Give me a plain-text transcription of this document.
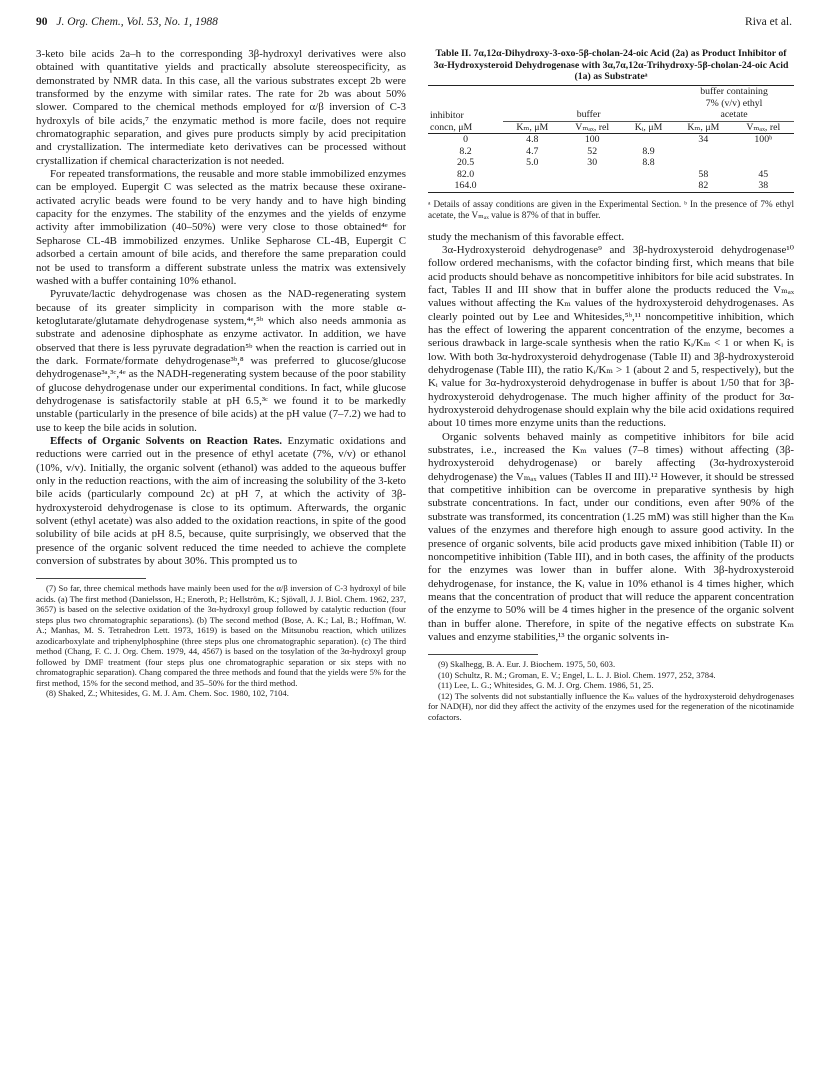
90 J. Org. Chem., Vol. 53, No. 1, 1988	Riva et al.

3-keto bile acids 2a–h to the corresponding 3β-hydroxyl derivatives were also obtained with quantitative yields and practically absolute stereospecificity, as demonstrated by NMR data. In this case, all the various substrates except 2b were transformed by the enzyme with similar rates. The rate for 2b was about 50% slower. Compared to the chemical methods employed for α/β inversion of C-3 hydroxyls of bile acids,⁷ the enzymatic method is more facile, does not require chromatographic separation, and gives pure products simply by acid precipitation and crystallization. The intermediate keto derivatives can be processed without crystallization if chemical characterization is not needed.

For repeated transformations, the reusable and more stable immobilized enzymes can be employed. Eupergit C was selected as the matrix because these oxirane-activated acrylic beads were found to be very handy and to have high binding capacity for the enzymes. The stability of the enzymes and the yields of enzyme activity after immobilization (40–50%) were very close to those obtained⁴ᵉ for Sepharose CL-4B immobilized enzymes. Unlike Sepharose CL-4B, Eupergit C adsorbed a certain amount of bile acids, and therefore the same preparation could not be used to transform a different substrate unless the matrix was extensively washed with a buffer containing 10% ethanol.

Pyruvate/lactic dehydrogenase was chosen as the NAD-regenerating system because of its greater simplicity in comparison with the more stable α-ketoglutarate/glutamate dehydrogenase system,⁴ᵉ,⁵ᵇ which also needs ammonia as substrate and adenosine diphosphate as enzyme activator. In addition, we have observed that there is less pyruvate degradation⁵ᵇ when the reaction is carried out in the dark. Formate/formate dehydrogenase³ᵇ,⁸ was preferred to glucose/glucose dehydrogenase³ᵃ,³ᶜ,⁴ᵉ as the NADH-regenerating system because of the poor stability of glucose dehydrogenase under our experimental conditions. In fact, while glucose dehydrogenase is satisfactorily stable at pH 6.5,³ᶜ we found it to be markedly unstable (particularly in the presence of bile acids) at the pH value (7–7.2) we had to use to keep the bile acids in solution.

Effects of Organic Solvents on Reaction Rates. Enzymatic oxidations and reductions were carried out in the presence of ethyl acetate (7%, v/v) or ethanol (10%, v/v). Initially, the organic solvent (ethanol) was added to the aqueous buffer only in the reduction reactions, with the aim of increasing the solubility of the 3-keto bile acids (particularly compound 2c) at pH 7, at which the activity of 3β-hydroxysteroid dehydrogenase is close to its optimum. Afterwards, the organic solvent (ethyl acetate) was also added to the oxidation reactions, in spite of the good solubility of bile acids at pH 8.5, because, quite surprisingly, we observed that the presence of the organic solvent reduced the time needed to achieve the complete conversion of substrates by about 30%. This prompted us to

(7) So far, three chemical methods have mainly been used for the α/β inversion of C-3 hydroxyl of bile acids. (a) The first method (Danielsson, H.; Eneroth, P.; Hellström, K.; Sjövall, J. J. Biol. Chem. 1962, 237, 3657) is based on the selective oxidation of the 3α-hydroxyl group followed by catalytic reduction (four steps plus two chromatographic separations). (b) The second method (Bose, A. K.; Lal, B.; Hoffman, W. A.; Manhas, M. S. Tetrahedron Lett. 1973, 1619) is based on the Mitsunobu reaction, which utilizes azodicarboxylate and triphenylphosphine (three steps plus one chromatographic separation). (c) The third method (Chang, F. C. J. Org. Chem. 1979, 44, 4567) is based on the tosylation of the 3α-hydroxyl group followed by DMF treatment (four steps plus one chromatographic separation or six steps with no chromatographic separation). Chang compared the three methods and found that the yields were 5% for the first method, 15% for the second method, and 35–50% for the third method.

(8) Shaked, Z.; Whitesides, G. M. J. Am. Chem. Soc. 1980, 102, 7104.

Table II. 7α,12α-Dihydroxy-3-oxo-5β-cholan-24-oic Acid (2a) as Product Inhibitor of 3α-Hydroxysteroid Dehydrogenase with 3α,7α,12α-Trihydroxy-5β-cholan-24-oic Acid (1a) as Substrateᵃ
				buffer containing	
				7% (v/v) ethyl	
inhibitor	buffer			acetate	
concn, μM	Kₘ, μM	Vₘₐₓ, rel	Kᵢ, μM	Kₘ, μM	Vₘₐₓ, rel
0	4.8	100		34	100ᵇ
8.2	4.7	52	8.9		
20.5	5.0	30	8.8		
82.0				58	45
164.0				82	38
ᵃ Details of assay conditions are given in the Experimental Section. ᵇ In the presence of 7% ethyl acetate, the Vₘₐₓ value is 87% of that in buffer.

study the mechanism of this favorable effect.

3α-Hydroxysteroid dehydrogenase⁹ and 3β-hydroxysteroid dehydrogenase¹⁰ follow ordered mechanisms, with the cofactor binding first, which means that bile acid products should behave as noncompetitive inhibitors for bile acid substrates. In fact, Tables II and III show that in buffer alone the products reduced the Vₘₐₓ values without affecting the Kₘ values of the hydroxysteroid dehydrogenases. As clearly pointed out by Lee and Whitesides,⁵ᵇ,¹¹ noncompetitive inhibition, which has the effect of lowering the apparent concentration of the enzyme, becomes a serious drawback in large-scale synthesis when the ratio Kᵢ/Kₘ < 1 or when Kᵢ is low. With both 3α-hydroxysteroid dehydrogenase (Table II) and 3β-hydroxysteroid dehydrogenase (Table III), the ratio Kᵢ/Kₘ > 1 (about 2 and 5, respectively), but the Kᵢ value for 3α-hydroxysteroid dehydrogenase in buffer is about 1/50 that for 3β-hydroxysteroid dehydrogenase. The much higher affinity of the product for 3α-hydroxysteroid dehydrogenase should explain why the bile acid oxidations required about 10 times more enzyme units than the reductions.

Organic solvents behaved mainly as competitive inhibitors for bile acid substrates, i.e., increased the Kₘ values (7–8 times) without affecting (3β-hydroxysteroid dehydrogenase) or barely affecting (3α-hydroxysteroid dehydrogenase) the Vₘₐₓ values (Tables II and III).¹² However, it should be stressed that competitive inhibition can be overcome in preparative synthesis by high substrate concentrations. In fact, under our conditions, even after 90% of the substrate was transformed, its concentration (1.25 mM) was still higher than the Kₘ values of the enzymes and therefore high enough to assure good activity. In the presence of organic solvents, bile acid products gave mixed inhibition (Table II) or noncompetitive inhibition (Table III), and in both cases, the affinity of the products for the enzymes was lower than in buffer alone. With 3β-hydroxysteroid dehydrogenase, for instance, the Kᵢ value in 10% ethanol is 4 times higher, which means that the concentration of product that will reduce the apparent concentration of the enzyme to 50% will be 4 times higher in the presence of the organic solvent than in buffer alone. Therefore, in spite of the negative effects on substrate Kₘ values and enzyme stabilities,¹³ the organic solvents in-

(9) Skalhegg, B. A. Eur. J. Biochem. 1975, 50, 603.

(10) Schultz, R. M.; Groman, E. V.; Engel, L. L. J. Biol. Chem. 1977, 252, 3784.

(11) Lee, L. G.; Whitesides, G. M. J. Org. Chem. 1986, 51, 25.

(12) The solvents did not substantially influence the Kₘ values of the hydroxysteroid dehydrogenases for NAD(H), nor did they affect the activity of the enzymes used for the regeneration of the nicotinamide cofactors.
